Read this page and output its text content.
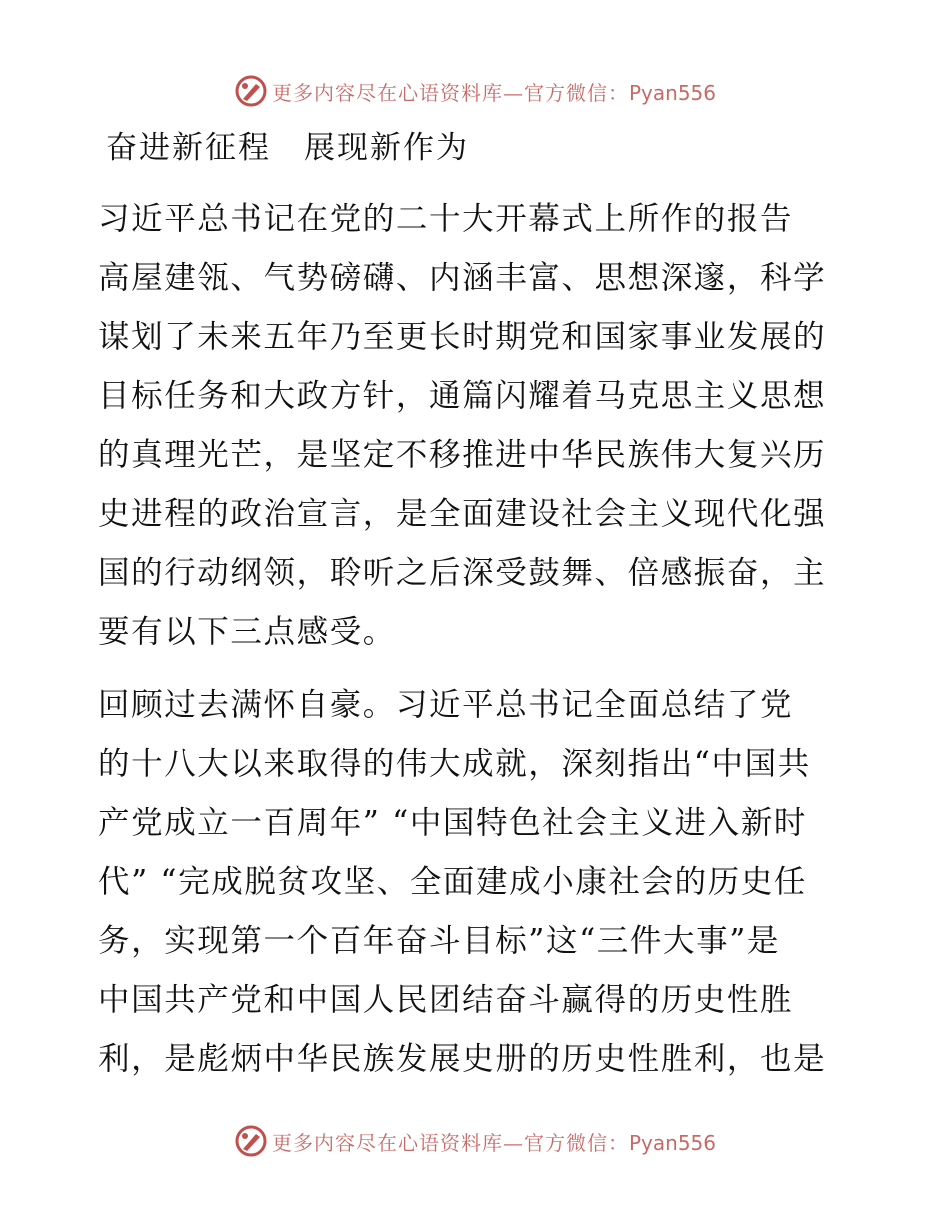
更多内容尽在心语资料库—官方微信：Pyan556
奋进新征程　展现新作为
习近平总书记在党的二十大开幕式上所作的报告
高屋建瓴、气势磅礴、内涵丰富、思想深邃，科学
谋划了未来五年乃至更长时期党和国家事业发展的
目标任务和大政方针，通篇闪耀着马克思主义思想
的真理光芒，是坚定不移推进中华民族伟大复兴历
史进程的政治宣言，是全面建设社会主义现代化强
国的行动纲领，聆听之后深受鼓舞、倍感振奋，主
要有以下三点感受。
回顾过去满怀自豪。习近平总书记全面总结了党
的十八大以来取得的伟大成就，深刻指出“中国共
产党成立一百周年” “中国特色社会主义进入新时
代” “完成脱贫攻坚、全面建成小康社会的历史任
务，实现第一个百年奋斗目标”这“三件大事”是
中国共产党和中国人民团结奋斗赢得的历史性胜
利，是彪炳中华民族发展史册的历史性胜利，也是
更多内容尽在心语资料库—官方微信：Pyan556
